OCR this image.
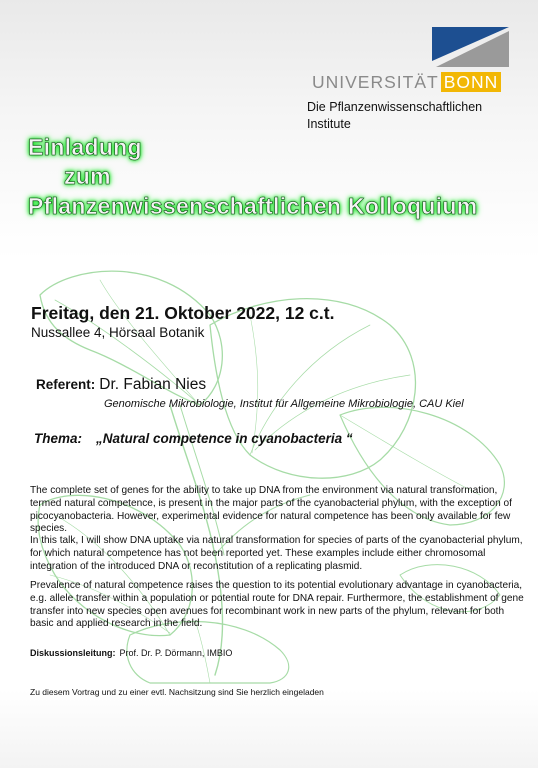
UNIVERSITÄT BONN
Die Pflanzenwissenschaftlichen Institute
Einladung
zum
Pflanzenwissenschaftlichen Kolloquium
Freitag, den 21. Oktober 2022, 12 c.t.
Nussallee 4, Hörsaal Botanik
Referent: Dr. Fabian Nies
Genomische Mikrobiologie, Institut für Allgemeine Mikrobiologie, CAU Kiel
Thema: „Natural competence in cyanobacteria “
The complete set of genes for the ability to take up DNA from the environment via natural transformation, termed natural competence, is present in the major parts of the cyanobacterial phylum, with the exception of picocyanobacteria. However, experimental evidence for natural competence has been only available for few species.
In this talk, I will show DNA uptake via natural transformation for species of parts of the cyanobacterial phylum, for which natural competence has not been reported yet. These examples include either chromosomal integration of the introduced DNA or reconstitution of a replicating plasmid.
Prevalence of natural competence raises the question to its potential evolutionary advantage in cyanobacteria, e.g. allele transfer within a population or potential route for DNA repair. Furthermore, the establishment of gene transfer into new species open avenues for recombinant work in new parts of the phylum, relevant for both basic and applied research in the field.
Diskussionsleitung: Prof. Dr. P. Dörmann, IMBIO
Zu diesem Vortrag und zu einer evtl. Nachsitzung sind Sie herzlich eingeladen
